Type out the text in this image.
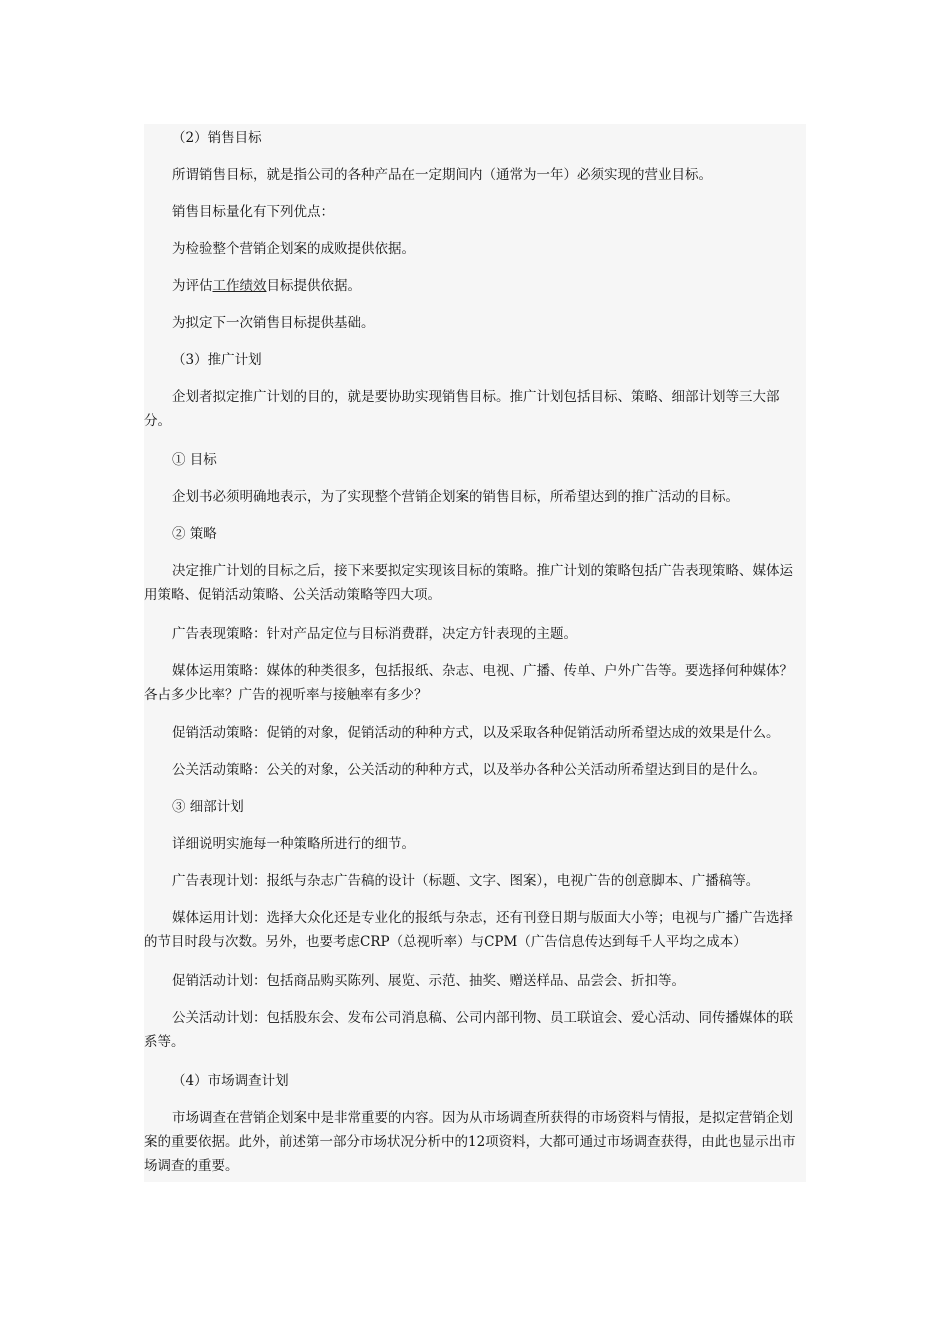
（2）销售目标

所谓销售目标，就是指公司的各种产品在一定期间内（通常为一年）必须实现的营业目标。

销售目标量化有下列优点：

为检验整个营销企划案的成败提供依据。

为评估工作绩效目标提供依据。

为拟定下一次销售目标提供基础。

（3）推广计划

企划者拟定推广计划的目的，就是要协助实现销售目标。推广计划包括目标、策略、细部计划等三大部分。

① 目标

企划书必须明确地表示，为了实现整个营销企划案的销售目标，所希望达到的推广活动的目标。

② 策略

决定推广计划的目标之后，接下来要拟定实现该目标的策略。推广计划的策略包括广告表现策略、媒体运用策略、促销活动策略、公关活动策略等四大项。

广告表现策略：针对产品定位与目标消费群，决定方针表现的主题。

媒体运用策略：媒体的种类很多，包括报纸、杂志、电视、广播、传单、户外广告等。要选择何种媒体？各占多少比率？广告的视听率与接触率有多少？

促销活动策略：促销的对象，促销活动的种种方式，以及采取各种促销活动所希望达成的效果是什么。

公关活动策略：公关的对象，公关活动的种种方式，以及举办各种公关活动所希望达到目的是什么。

③ 细部计划

详细说明实施每一种策略所进行的细节。

广告表现计划：报纸与杂志广告稿的设计（标题、文字、图案），电视广告的创意脚本、广播稿等。

媒体运用计划：选择大众化还是专业化的报纸与杂志，还有刊登日期与版面大小等；电视与广播广告选择的节目时段与次数。另外，也要考虑CRP（总视听率）与CPM（广告信息传达到每千人平均之成本）

促销活动计划：包括商品购买陈列、展览、示范、抽奖、赠送样品、品尝会、折扣等。

公关活动计划：包括股东会、发布公司消息稿、公司内部刊物、员工联谊会、爱心活动、同传播媒体的联系等。

（4）市场调查计划

市场调查在营销企划案中是非常重要的内容。因为从市场调查所获得的市场资料与情报，是拟定营销企划案的重要依据。此外，前述第一部分市场状况分析中的12项资料，大都可通过市场调查获得，由此也显示出市场调查的重要。
